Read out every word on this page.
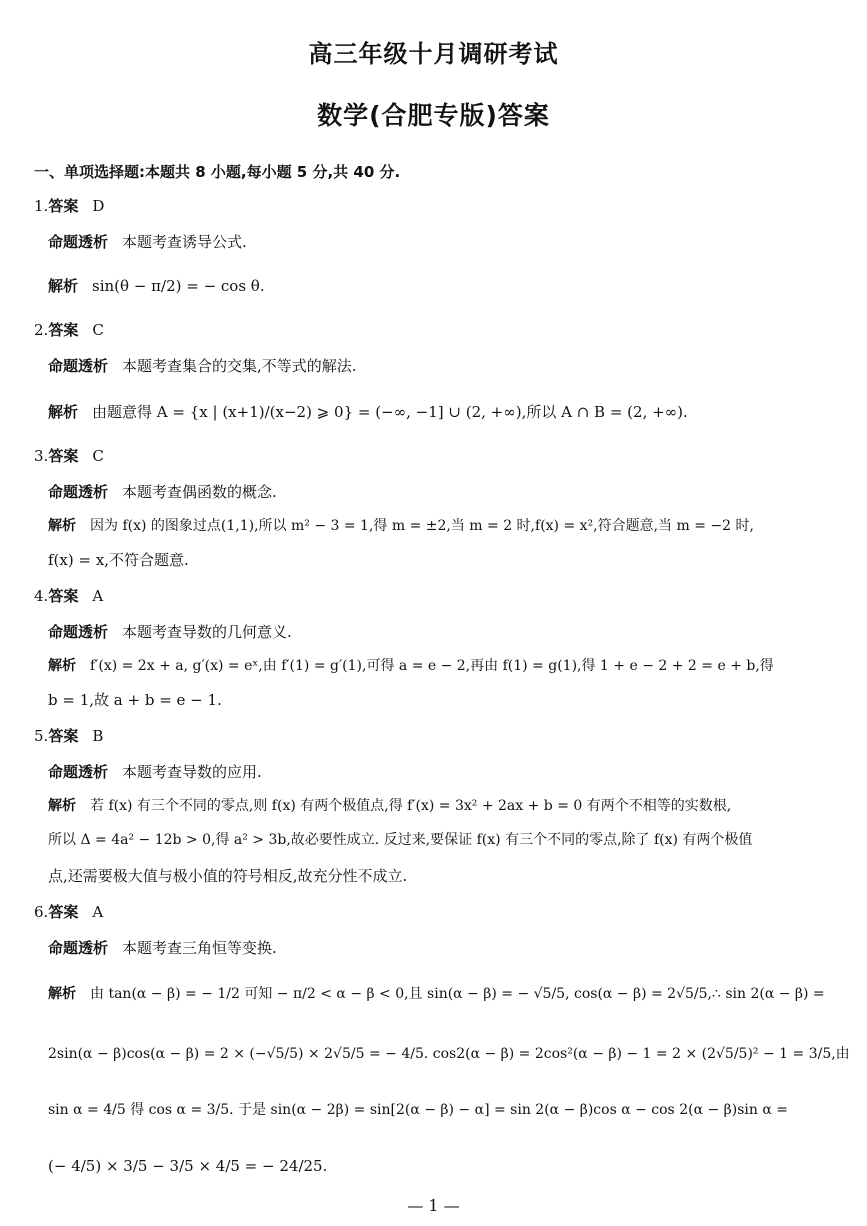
高三年级十月调研考试
数学(合肥专版)答案
一、单项选择题:本题共 8 小题,每小题 5 分,共 40 分.
1.答案 D
命题透析 本题考查诱导公式.
解析 sin(θ − π/2) = − cos θ.
2.答案 C
命题透析 本题考查集合的交集,不等式的解法.
解析 由题意得 A = {x | (x+1)/(x−2) ⩾ 0} = (−∞, −1] ∪ (2, +∞),所以 A ∩ B = (2, +∞).
3.答案 C
命题透析 本题考查偶函数的概念.
解析 因为 f(x) 的图象过点(1,1),所以 m² − 3 = 1,得 m = ±2,当 m = 2 时,f(x) = x²,符合题意,当 m = −2 时,
f(x) = x,不符合题意.
4.答案 A
命题透析 本题考查导数的几何意义.
解析 f′(x) = 2x + a, g′(x) = eˣ,由 f′(1) = g′(1),可得 a = e − 2,再由 f(1) = g(1),得 1 + e − 2 + 2 = e + b,得
b = 1,故 a + b = e − 1.
5.答案 B
命题透析 本题考查导数的应用.
解析 若 f(x) 有三个不同的零点,则 f(x) 有两个极值点,得 f′(x) = 3x² + 2ax + b = 0 有两个不相等的实数根,
所以 Δ = 4a² − 12b > 0,得 a² > 3b,故必要性成立. 反过来,要保证 f(x) 有三个不同的零点,除了 f(x) 有两个极值
点,还需要极大值与极小值的符号相反,故充分性不成立.
6.答案 A
命题透析 本题考查三角恒等变换.
解析 由 tan(α − β) = − 1/2 可知 − π/2 < α − β < 0,且 sin(α − β) = − √5/5, cos(α − β) = 2√5/5,∴ sin 2(α − β) =
2sin(α − β)cos(α − β) = 2 × (−√5/5) × 2√5/5 = − 4/5. cos2(α − β) = 2cos²(α − β) − 1 = 2 × (2√5/5)² − 1 = 3/5,由
sin α = 4/5 得 cos α = 3/5. 于是 sin(α − 2β) = sin[2(α − β) − α] = sin 2(α − β)cos α − cos 2(α − β)sin α =
(− 4/5) × 3/5 − 3/5 × 4/5 = − 24/25.
— 1 —
